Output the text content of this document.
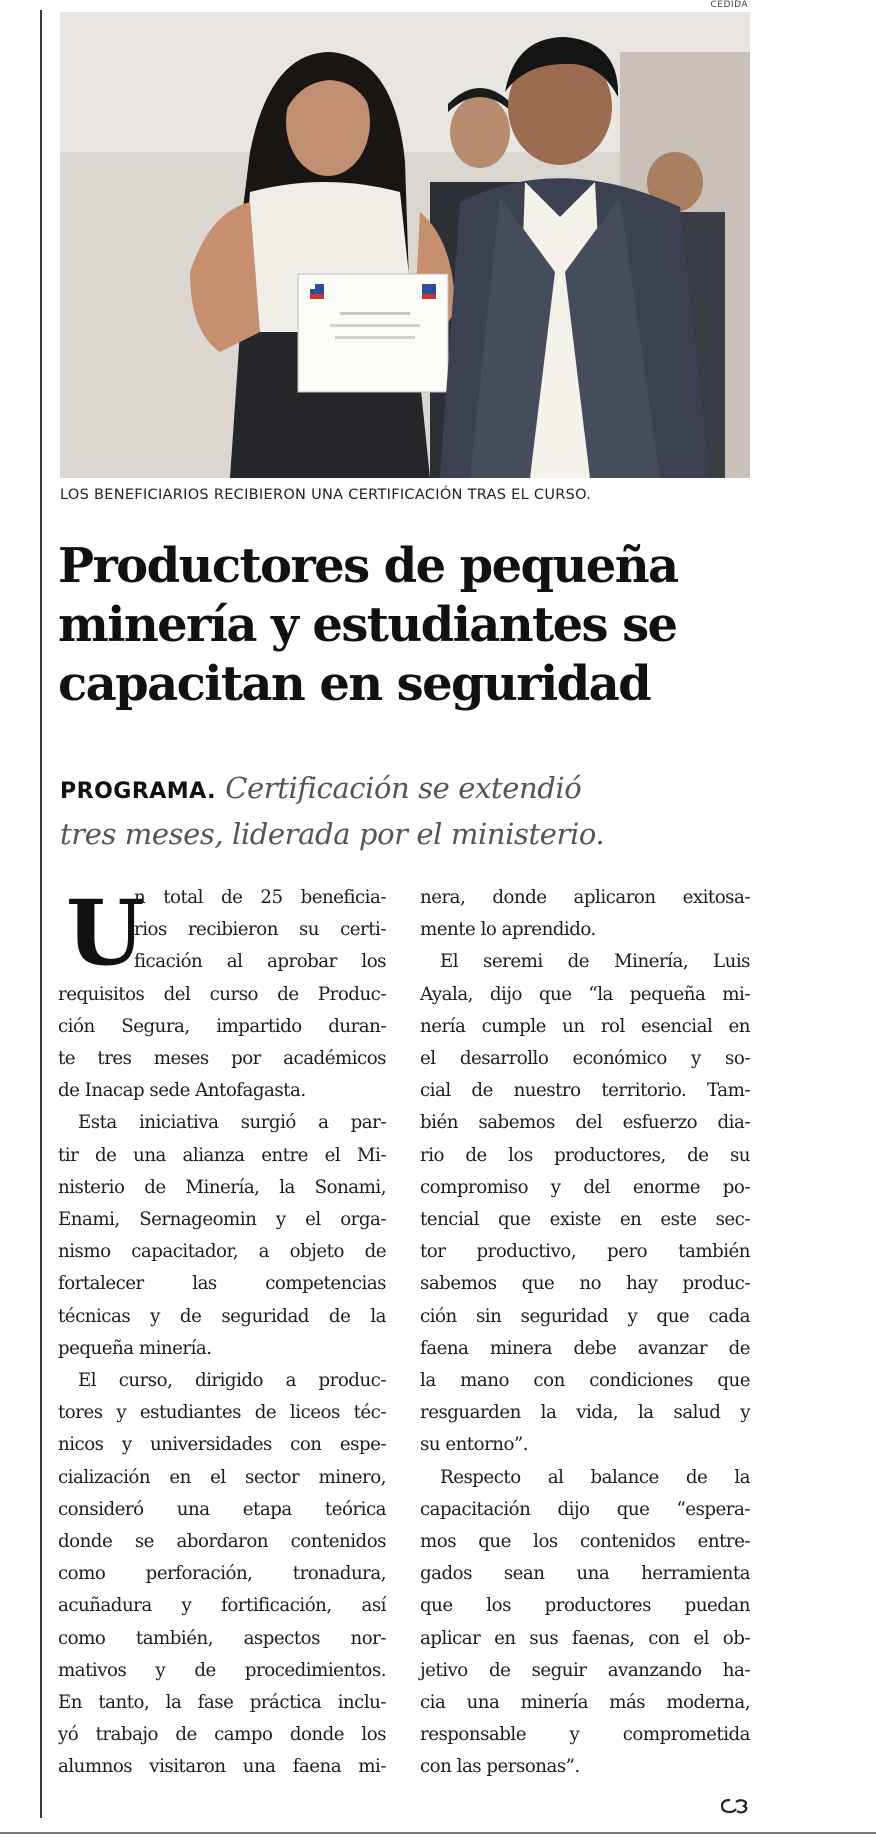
CEDIDA
LOS BENEFICIARIOS RECIBIERON UNA CERTIFICACIÓN TRAS EL CURSO.
Productores de pequeña
minería y estudiantes se
capacitan en seguridad
PROGRAMA. Certificación se extendió
tres meses, liderada por el ministerio.
U
n total de 25 beneficia-
rios recibieron su certi-
ficación al aprobar los
requisitos del curso de Produc-
ción Segura, impartido duran-
te tres meses por académicos
de Inacap sede Antofagasta.
Esta iniciativa surgió a par-
tir de una alianza entre el Mi-
nisterio de Minería, la Sonami,
Enami, Sernageomin y el orga-
nismo capacitador, a objeto de
fortalecer las competencias
técnicas y de seguridad de la
pequeña minería.
El curso, dirigido a produc-
tores y estudiantes de liceos téc-
nicos y universidades con espe-
cialización en el sector minero,
consideró una etapa teórica
donde se abordaron contenidos
como perforación, tronadura,
acuñadura y fortificación, así
como también, aspectos nor-
mativos y de procedimientos.
En tanto, la fase práctica inclu-
yó trabajo de campo donde los
alumnos visitaron una faena mi-
nera, donde aplicaron exitosa-
mente lo aprendido.
El seremi de Minería, Luis
Ayala, dijo que “la pequeña mi-
nería cumple un rol esencial en
el desarrollo económico y so-
cial de nuestro territorio. Tam-
bién sabemos del esfuerzo dia-
rio de los productores, de su
compromiso y del enorme po-
tencial que existe en este sec-
tor productivo, pero también
sabemos que no hay produc-
ción sin seguridad y que cada
faena minera debe avanzar de
la mano con condiciones que
resguarden la vida, la salud y
su entorno”.
Respecto al balance de la
capacitación dijo que “espera-
mos que los contenidos entre-
gados sean una herramienta
que los productores puedan
aplicar en sus faenas, con el ob-
jetivo de seguir avanzando ha-
cia una minería más moderna,
responsable y comprometida
con las personas”.
